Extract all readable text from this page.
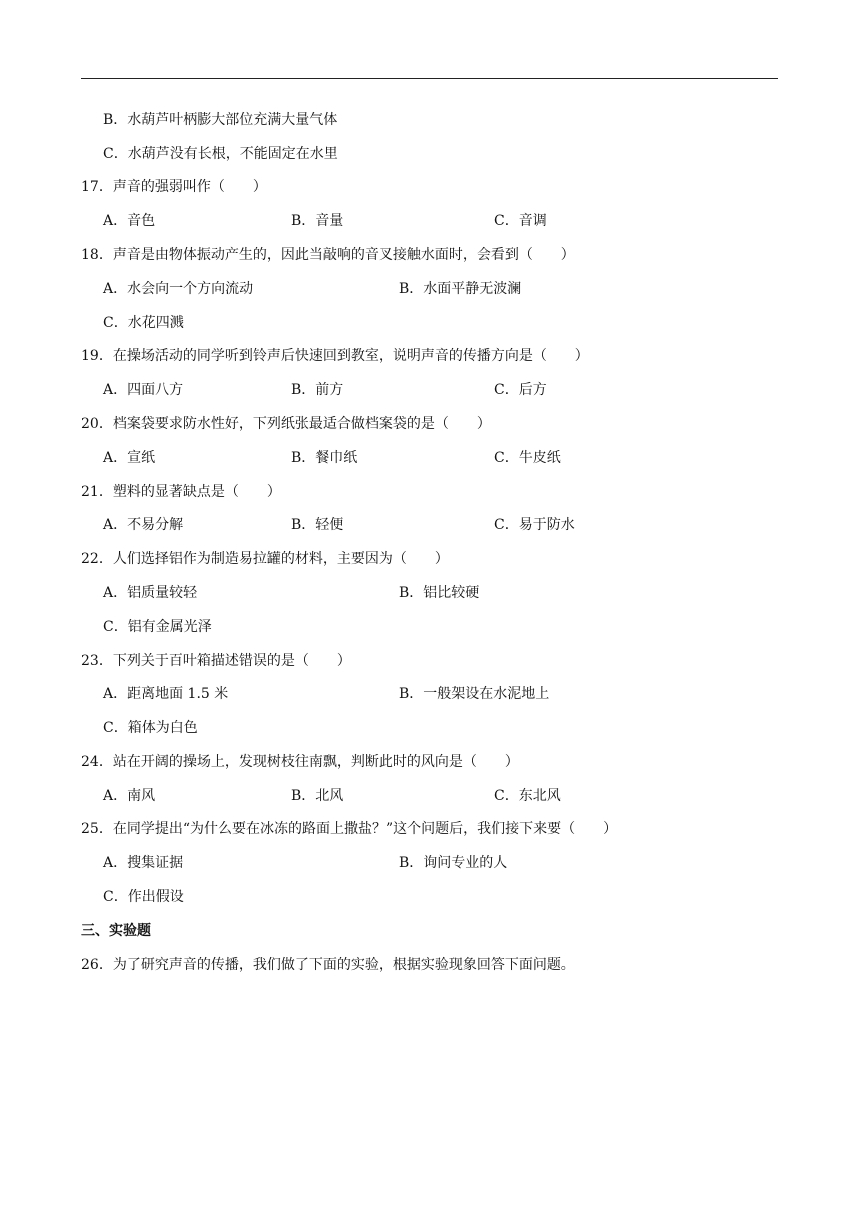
B．水葫芦叶柄膨大部位充满大量气体
C．水葫芦没有长根，不能固定在水里
17．声音的强弱叫作（　　）
A．音色	B．音量	C．音调
18．声音是由物体振动产生的，因此当敲响的音叉接触水面时，会看到（　　）
A．水会向一个方向流动	B．水面平静无波澜
C．水花四溅
19．在操场活动的同学听到铃声后快速回到教室，说明声音的传播方向是（　　）
A．四面八方	B．前方	C．后方
20．档案袋要求防水性好，下列纸张最适合做档案袋的是（　　）
A．宣纸	B．餐巾纸	C．牛皮纸
21．塑料的显著缺点是（　　）
A．不易分解	B．轻便	C．易于防水
22．人们选择铝作为制造易拉罐的材料，主要因为（　　）
A．铝质量较轻	B．铝比较硬
C．铝有金属光泽
23．下列关于百叶箱描述错误的是（　　）
A．距离地面 1.5 米	B．一般架设在水泥地上
C．箱体为白色
24．站在开阔的操场上，发现树枝往南飘，判断此时的风向是（　　）
A．南风	B．北风	C．东北风
25．在同学提出“为什么要在冰冻的路面上撒盐？”这个问题后，我们接下来要（　　）
A．搜集证据	B．询问专业的人
C．作出假设
三、实验题
26．为了研究声音的传播，我们做了下面的实验，根据实验现象回答下面问题。
